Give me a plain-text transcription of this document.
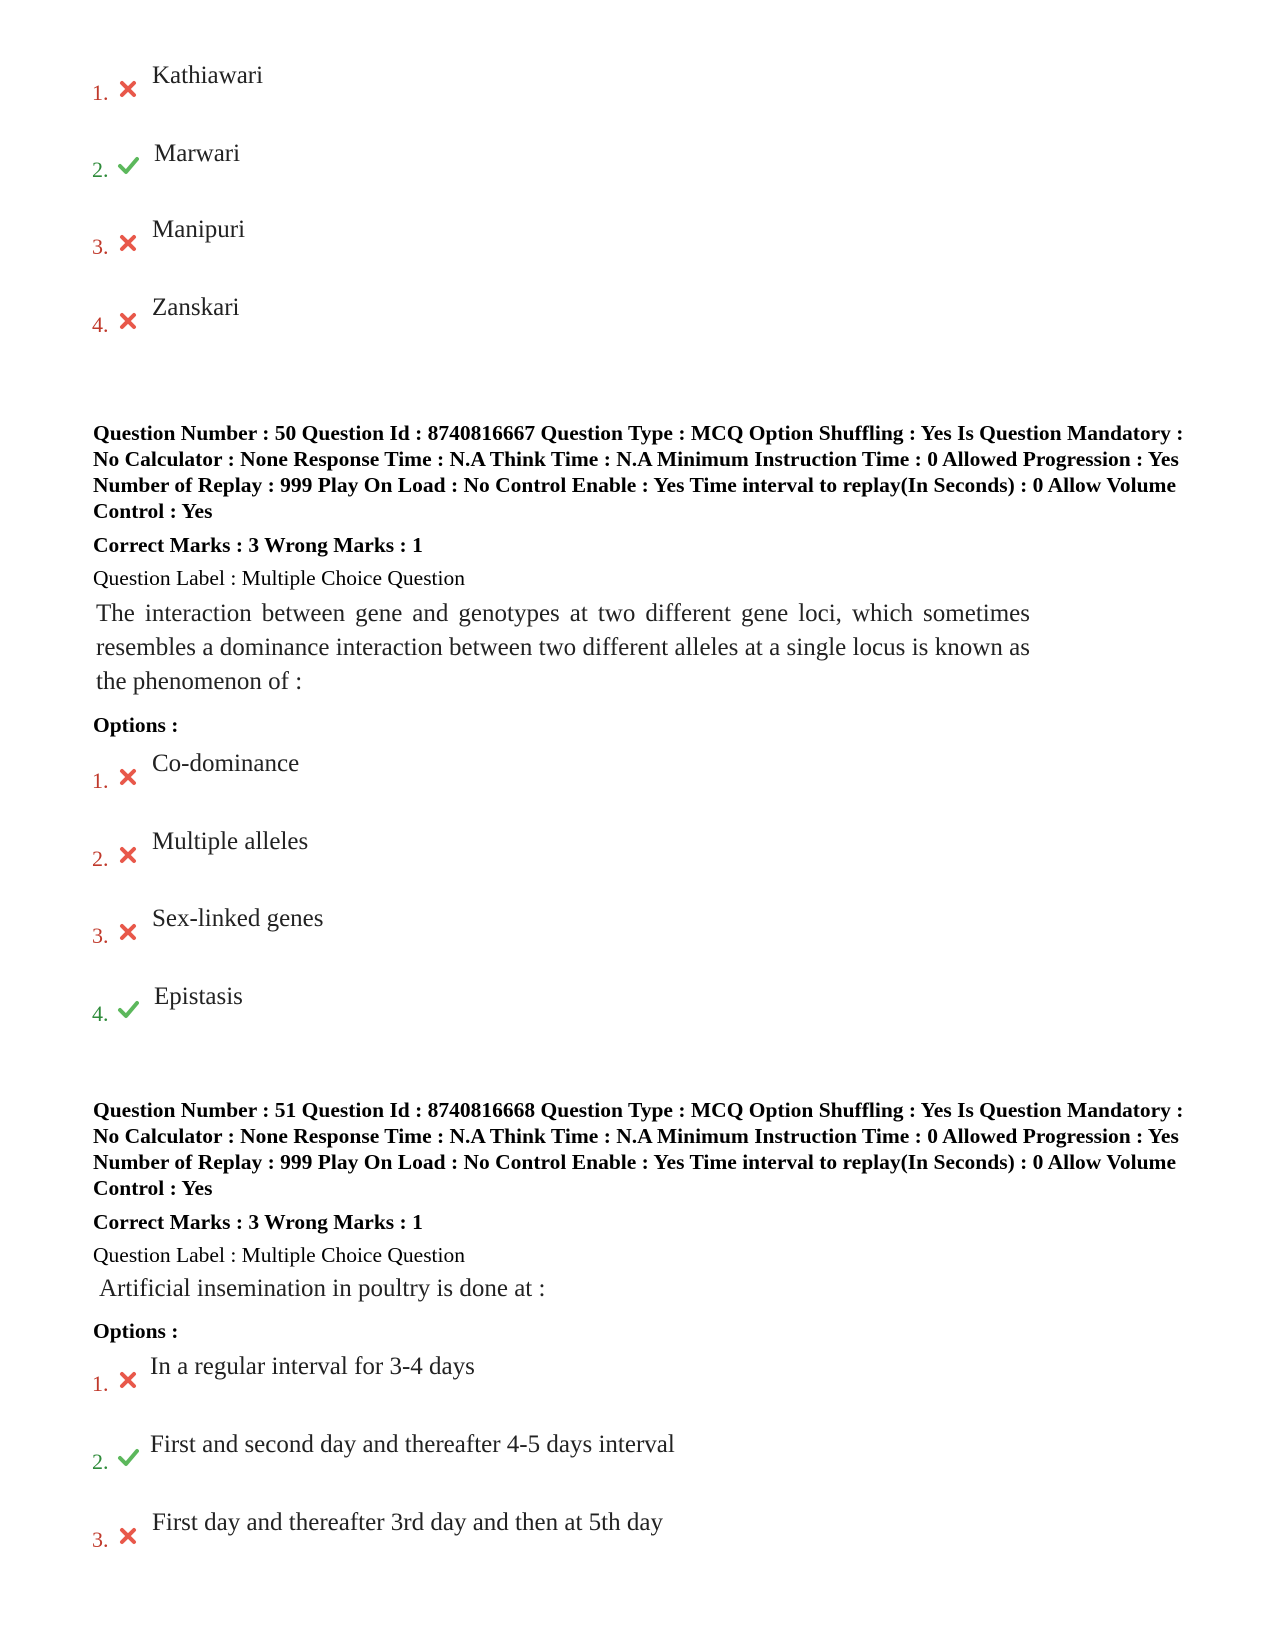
1.
Kathiawari
2.
Marwari
3.
Manipuri
4.
Zanskari
Question Number : 50 Question Id : 8740816667 Question Type : MCQ Option Shuffling : Yes Is Question Mandatory : No Calculator : None Response Time : N.A Think Time : N.A Minimum Instruction Time : 0 Allowed Progression : Yes Number of Replay : 999 Play On Load : No Control Enable : Yes Time interval to replay(In Seconds) : 0 Allow Volume Control : Yes
Correct Marks : 3 Wrong Marks : 1
Question Label : Multiple Choice Question
The interaction between gene and genotypes at two different gene loci, which sometimes resembles a dominance interaction between two different alleles at a single locus is known as the phenomenon of :
Options :
1.
Co-dominance
2.
Multiple alleles
3.
Sex-linked genes
4.
Epistasis
Question Number : 51 Question Id : 8740816668 Question Type : MCQ Option Shuffling : Yes Is Question Mandatory : No Calculator : None Response Time : N.A Think Time : N.A Minimum Instruction Time : 0 Allowed Progression : Yes Number of Replay : 999 Play On Load : No Control Enable : Yes Time interval to replay(In Seconds) : 0 Allow Volume Control : Yes
Correct Marks : 3 Wrong Marks : 1
Question Label : Multiple Choice Question
Artificial insemination in poultry is done at :
Options :
1.
In a regular interval for 3-4 days
2.
First and second day and thereafter 4-5 days interval
3.
First day and thereafter 3rd day and then at 5th day
